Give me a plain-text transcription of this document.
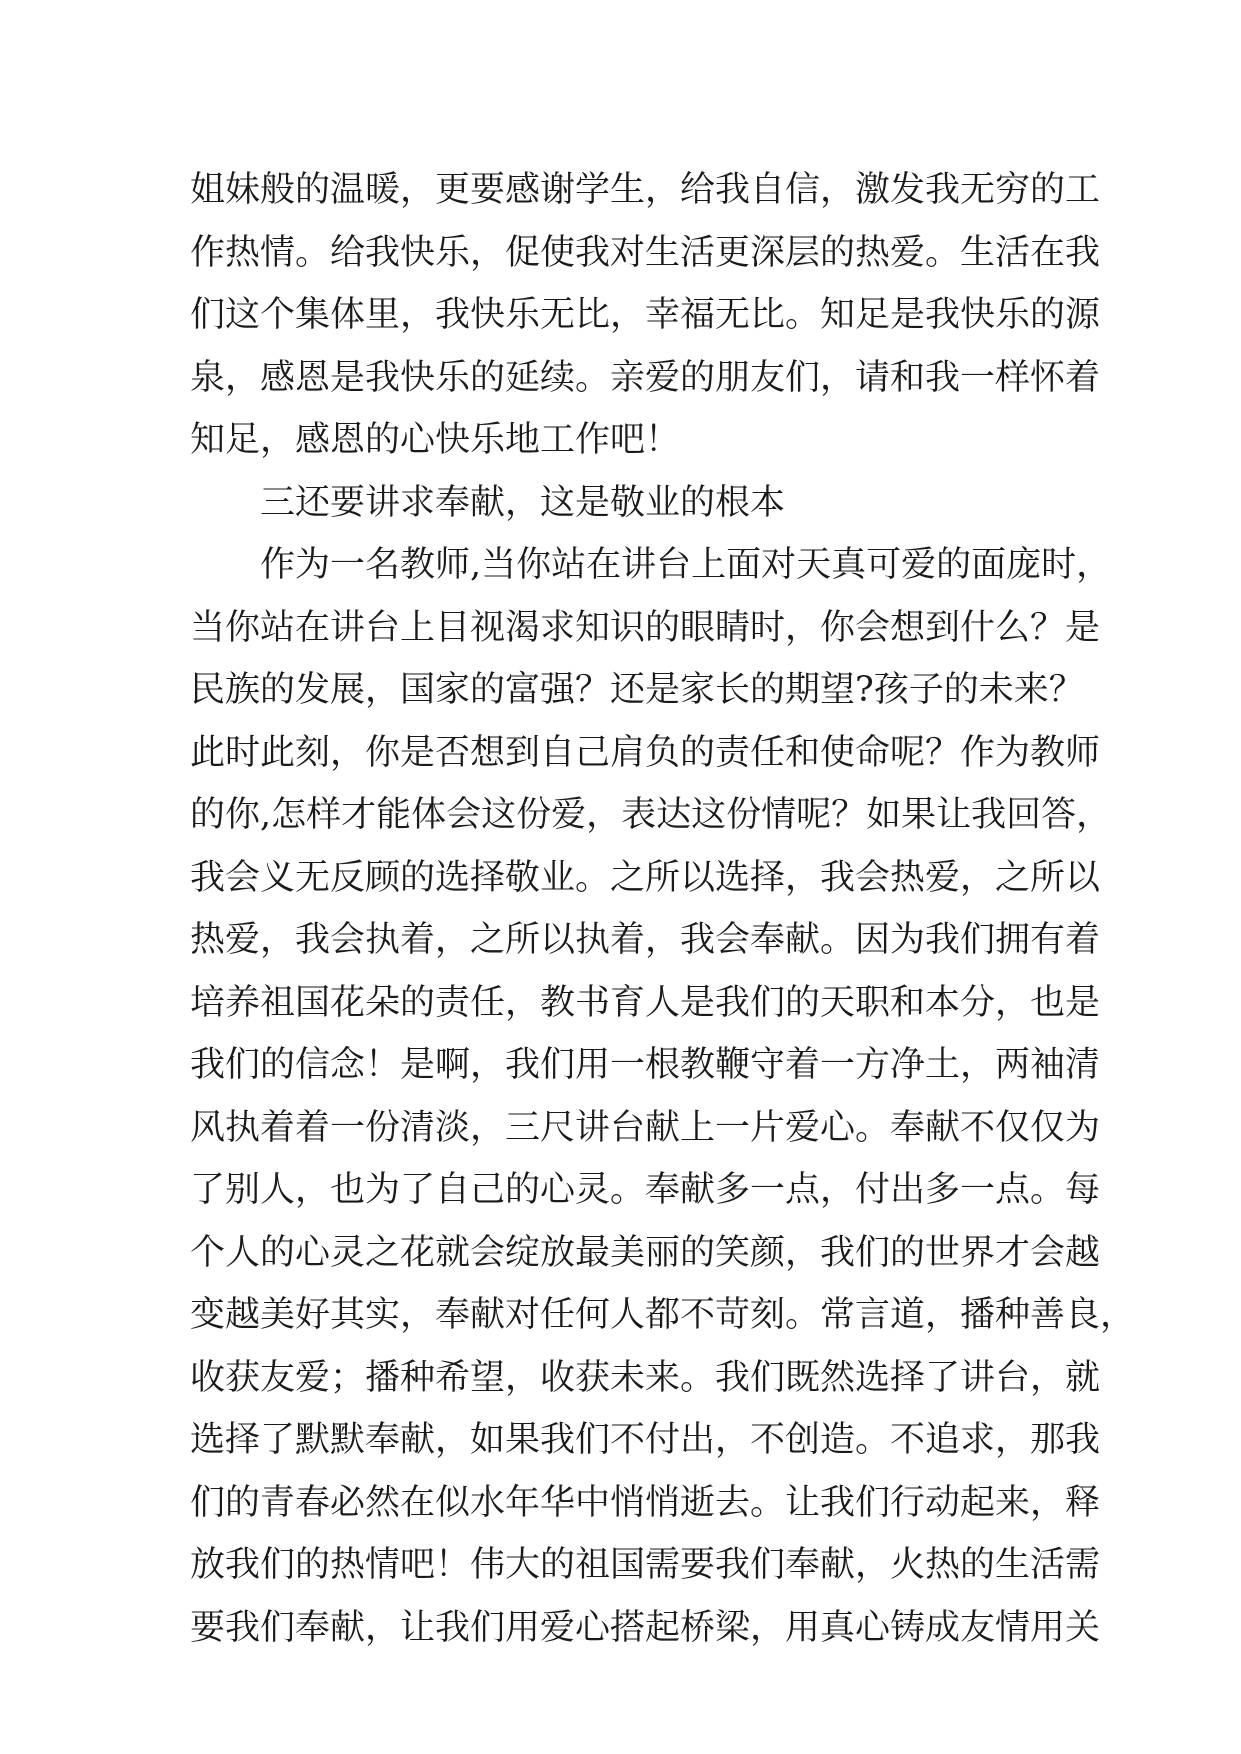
姐妹般的温暖，更要感谢学生，给我自信，激发我无穷的工
作热情。给我快乐，促使我对生活更深层的热爱。生活在我
们这个集体里，我快乐无比，幸福无比。知足是我快乐的源
泉，感恩是我快乐的延续。亲爱的朋友们，请和我一样怀着
知足，感恩的心快乐地工作吧！
三还要讲求奉献，这是敬业的根本
作为一名教师,当你站在讲台上面对天真可爱的面庞时，
当你站在讲台上目视渴求知识的眼睛时，你会想到什么？是
民族的发展，国家的富强？还是家长的期望?孩子的未来？
此时此刻，你是否想到自己肩负的责任和使命呢？作为教师
的你,怎样才能体会这份爱，表达这份情呢？如果让我回答，
我会义无反顾的选择敬业。之所以选择，我会热爱，之所以
热爱，我会执着，之所以执着，我会奉献。因为我们拥有着
培养祖国花朵的责任，教书育人是我们的天职和本分，也是
我们的信念！是啊，我们用一根教鞭守着一方净土，两袖清
风执着着一份清淡，三尺讲台献上一片爱心。奉献不仅仅为
了别人，也为了自己的心灵。奉献多一点，付出多一点。每
个人的心灵之花就会绽放最美丽的笑颜，我们的世界才会越
变越美好其实，奉献对任何人都不苛刻。常言道，播种善良，
收获友爱；播种希望，收获未来。我们既然选择了讲台，就
选择了默默奉献，如果我们不付出，不创造。不追求，那我
们的青春必然在似水年华中悄悄逝去。让我们行动起来，释
放我们的热情吧！伟大的祖国需要我们奉献，火热的生活需
要我们奉献，让我们用爱心搭起桥梁，用真心铸成友情用关
